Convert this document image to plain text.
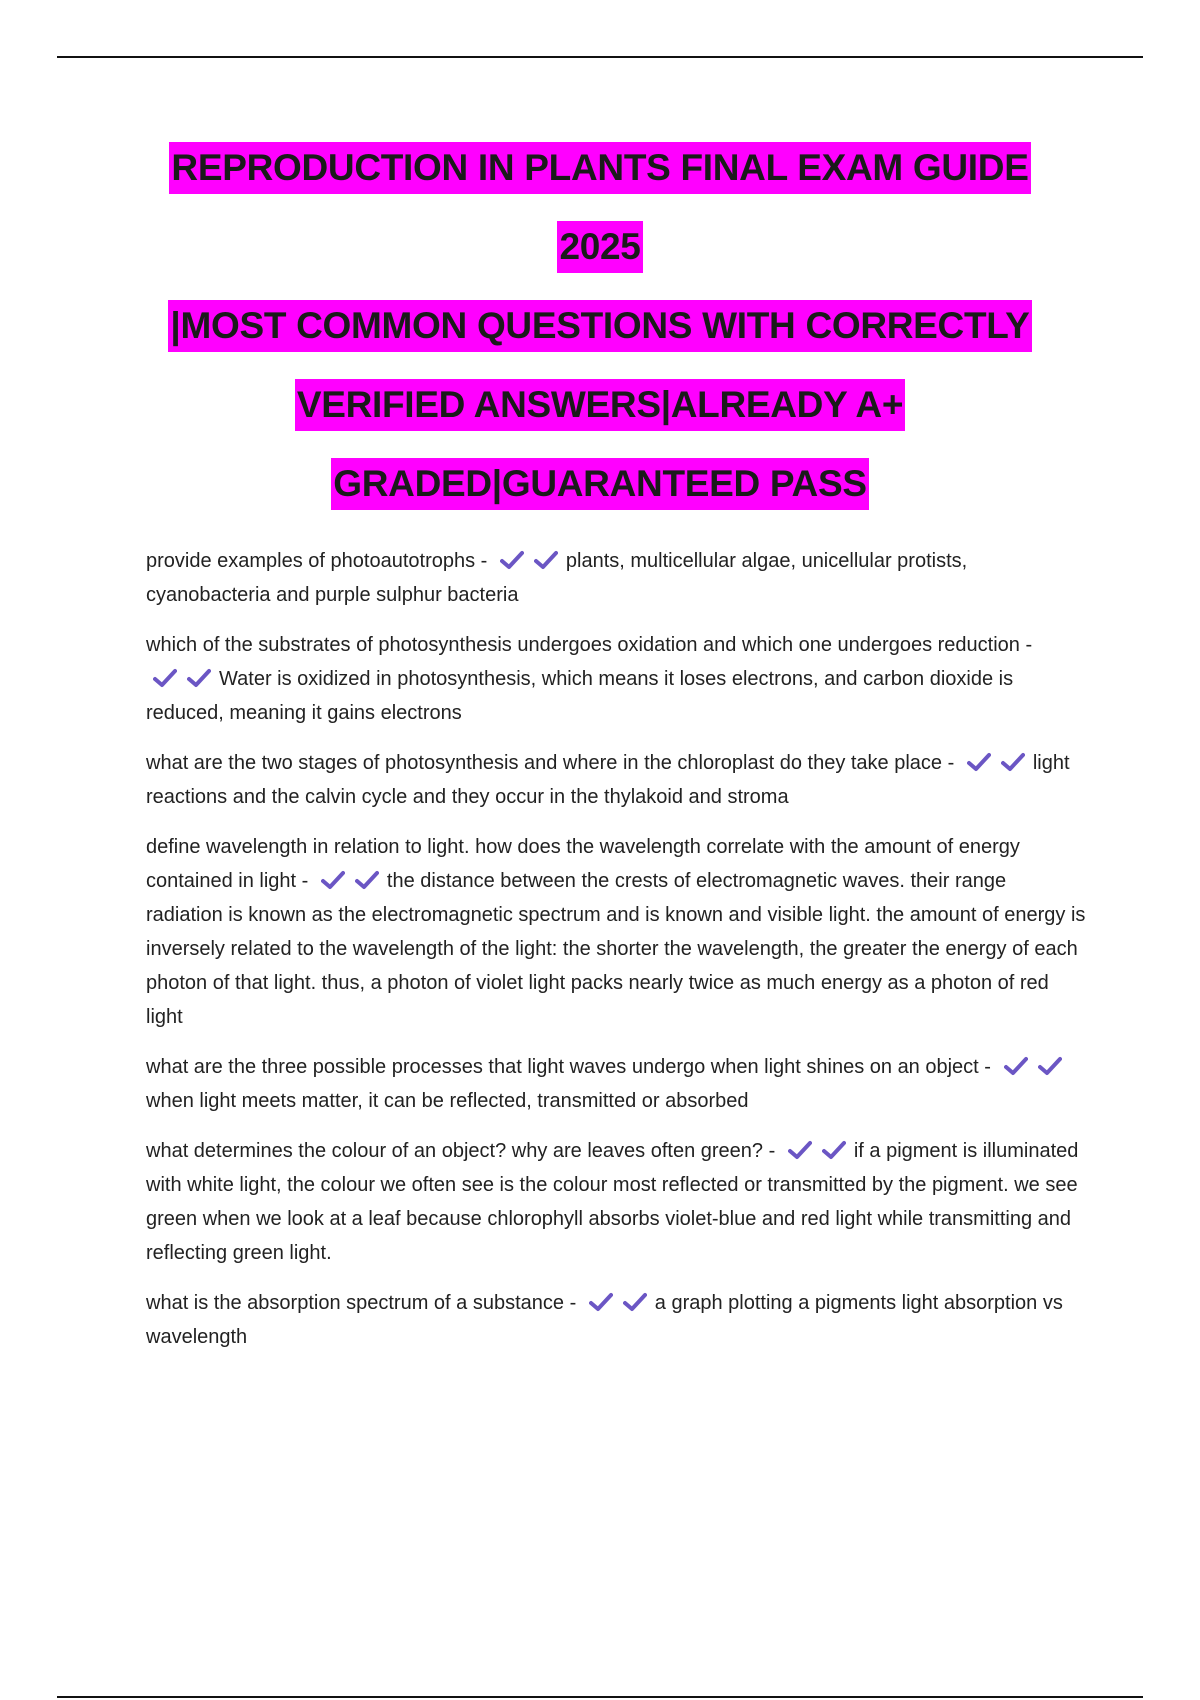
REPRODUCTION IN PLANTS FINAL EXAM GUIDE
2025
|MOST COMMON QUESTIONS WITH CORRECTLY
VERIFIED ANSWERS|ALREADY A+
GRADED|GUARANTEED PASS
provide examples of photoautotrophs -	plants, multicellular algae, unicellular protists, cyanobacteria and purple sulphur bacteria
which of the substrates of photosynthesis undergoes oxidation and which one undergoes reduction - Water is oxidized in photosynthesis, which means it loses electrons, and carbon dioxide is reduced, meaning it gains electrons
what are the two stages of photosynthesis and where in the chloroplast do they take place -	light reactions and the calvin cycle and they occur in the thylakoid and stroma
define wavelength in relation to light. how does the wavelength correlate with the amount of energy contained in light -	the distance between the crests of electromagnetic waves. their range radiation is known as the electromagnetic spectrum and is known and visible light. the amount of energy is inversely related to the wavelength of the light: the shorter the wavelength, the greater the energy of each photon of that light. thus, a photon of violet light packs nearly twice as much energy as a photon of red light
what are the three possible processes that light waves undergo when light shines on an object - when light meets matter, it can be reflected, transmitted or absorbed
what determines the colour of an object? why are leaves often green? -	if a pigment is illuminated with white light, the colour we often see is the colour most reflected or transmitted by the pigment. we see green when we look at a leaf because chlorophyll absorbs violet-blue and red light while transmitting and reflecting green light.
what is the absorption spectrum of a substance -	a graph plotting a pigments light absorption vs wavelength
